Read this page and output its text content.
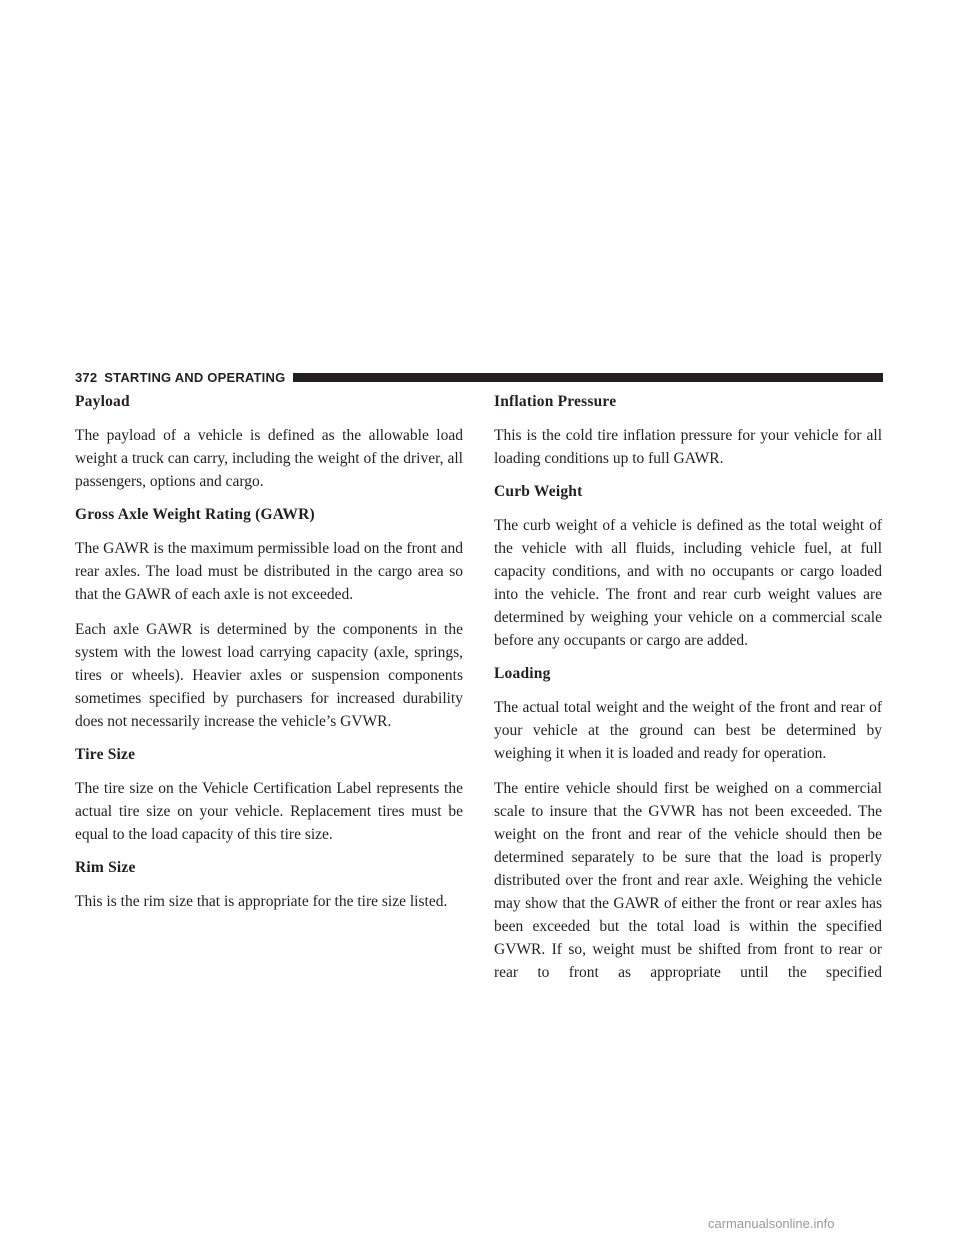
372 STARTING AND OPERATING
Payload

The payload of a vehicle is defined as the allowable load weight a truck can carry, including the weight of the driver, all passengers, options and cargo.

Gross Axle Weight Rating (GAWR)

The GAWR is the maximum permissible load on the front and rear axles. The load must be distributed in the cargo area so that the GAWR of each axle is not exceeded.

Each axle GAWR is determined by the components in the system with the lowest load carrying capacity (axle, springs, tires or wheels). Heavier axles or suspension components sometimes specified by purchasers for increased durability does not necessarily increase the vehicle’s GVWR.

Tire Size

The tire size on the Vehicle Certification Label represents the actual tire size on your vehicle. Replacement tires must be equal to the load capacity of this tire size.

Rim Size

This is the rim size that is appropriate for the tire size listed.

Inflation Pressure

This is the cold tire inflation pressure for your vehicle for all loading conditions up to full GAWR.

Curb Weight

The curb weight of a vehicle is defined as the total weight of the vehicle with all fluids, including vehicle fuel, at full capacity conditions, and with no occupants or cargo loaded into the vehicle. The front and rear curb weight values are determined by weighing your vehicle on a commercial scale before any occupants or cargo are added.

Loading

The actual total weight and the weight of the front and rear of your vehicle at the ground can best be determined by weighing it when it is loaded and ready for operation.

The entire vehicle should first be weighed on a commercial scale to insure that the GVWR has not been exceeded. The weight on the front and rear of the vehicle should then be determined separately to be sure that the load is properly distributed over the front and rear axle. Weighing the vehicle may show that the GAWR of either the front or rear axles has been exceeded but the total load is within the specified GVWR. If so, weight must be shifted from front to rear or rear to front as appropriate until the specified

carmanualsonline.info
